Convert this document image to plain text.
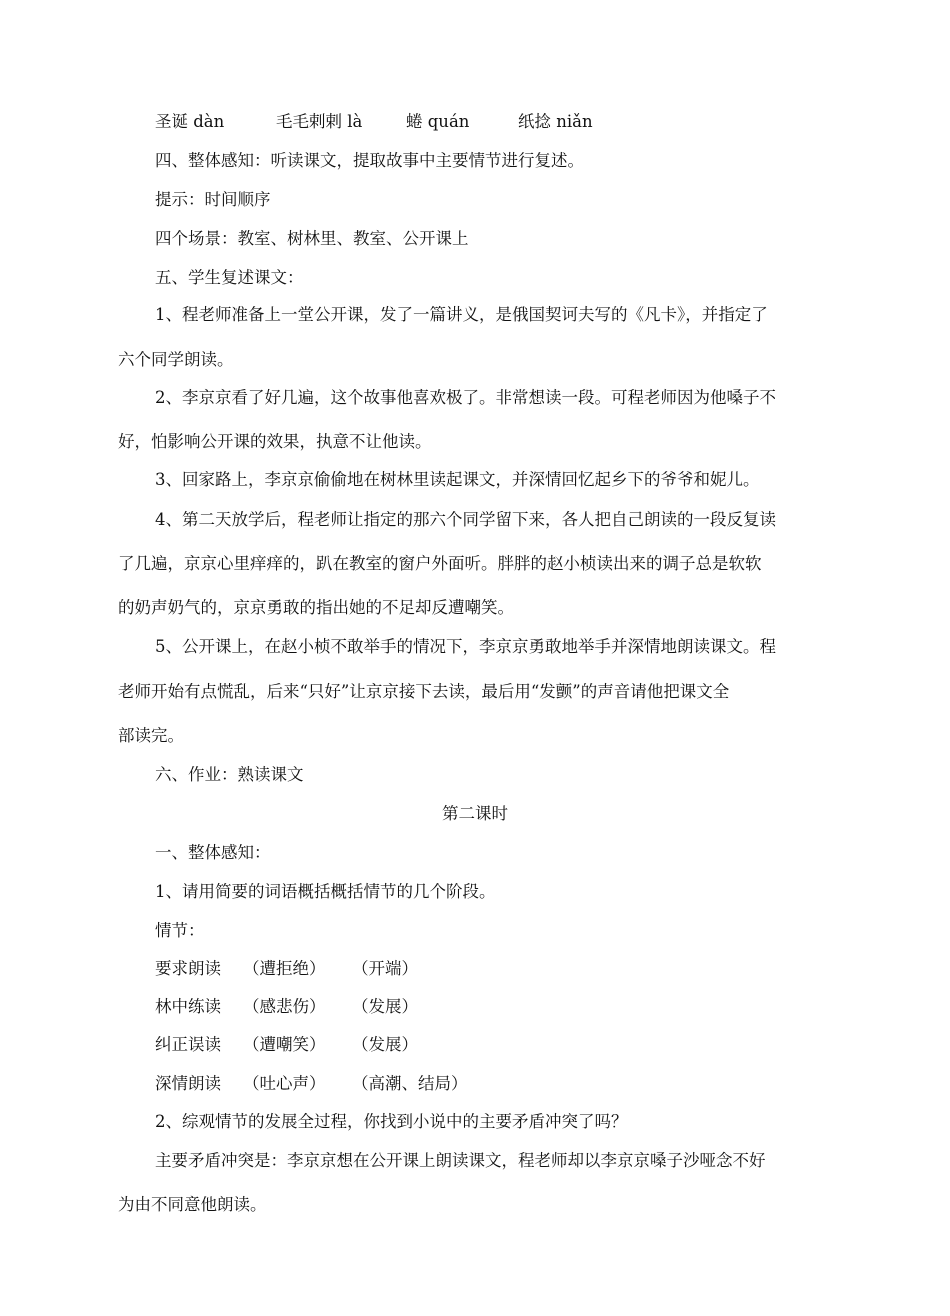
圣诞 dàn	毛毛剌剌 là	蜷 quán	纸捻 niǎn
四、整体感知：听读课文，提取故事中主要情节进行复述。
提示：时间顺序
四个场景：教室、树林里、教室、公开课上
五、学生复述课文：
1、程老师准备上一堂公开课，发了一篇讲义，是俄国契诃夫写的《凡卡》，并指定了
六个同学朗读。
2、李京京看了好几遍，这个故事他喜欢极了。非常想读一段。可程老师因为他嗓子不
好，怕影响公开课的效果，执意不让他读。
3、回家路上，李京京偷偷地在树林里读起课文，并深情回忆起乡下的爷爷和妮儿。
4、第二天放学后，程老师让指定的那六个同学留下来，各人把自己朗读的一段反复读
了几遍，京京心里痒痒的，趴在教室的窗户外面听。胖胖的赵小桢读出来的调子总是软软
的奶声奶气的，京京勇敢的指出她的不足却反遭嘲笑。
5、公开课上，在赵小桢不敢举手的情况下，李京京勇敢地举手并深情地朗读课文。程
老师开始有点慌乱，后来“只好”让京京接下去读，最后用“发颤”的声音请他把课文全
部读完。
六、作业：熟读课文
第二课时
一、整体感知：
1、请用简要的词语概括概括情节的几个阶段。
情节：
要求朗读 （遭拒绝） （开端）
林中练读 （感悲伤） （发展）
纠正误读 （遭嘲笑） （发展）
深情朗读 （吐心声） （高潮、结局）
2、综观情节的发展全过程，你找到小说中的主要矛盾冲突了吗？
主要矛盾冲突是：李京京想在公开课上朗读课文，程老师却以李京京嗓子沙哑念不好
为由不同意他朗读。
